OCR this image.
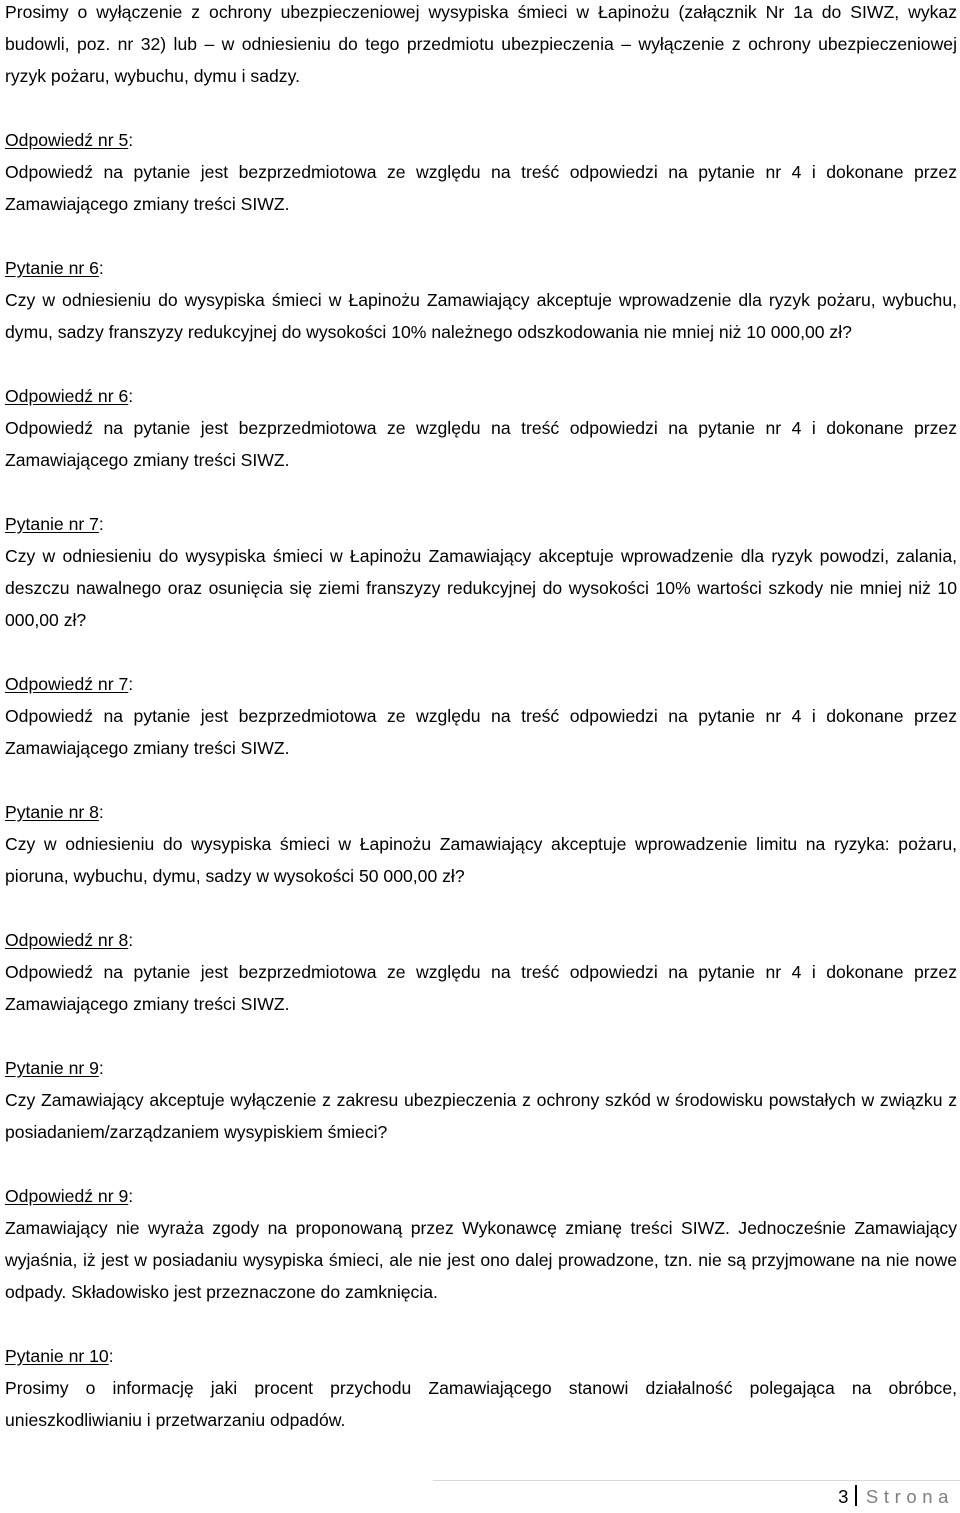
Prosimy o wyłączenie z ochrony ubezpieczeniowej wysypiska śmieci w Łapinożu (załącznik Nr 1a do SIWZ, wykaz budowli, poz. nr 32) lub – w odniesieniu do tego przedmiotu ubezpieczenia – wyłączenie z ochrony ubezpieczeniowej ryzyk pożaru, wybuchu, dymu i sadzy.

Odpowiedź nr 5:

Odpowiedź na pytanie jest bezprzedmiotowa ze względu na treść odpowiedzi na pytanie nr 4 i dokonane przez Zamawiającego zmiany treści SIWZ.

Pytanie nr 6:

Czy w odniesieniu do wysypiska śmieci w Łapinożu Zamawiający akceptuje wprowadzenie dla ryzyk pożaru, wybuchu, dymu, sadzy franszyzy redukcyjnej do wysokości 10% należnego odszkodowania nie mniej niż 10 000,00 zł?

Odpowiedź nr 6:

Odpowiedź na pytanie jest bezprzedmiotowa ze względu na treść odpowiedzi na pytanie nr 4 i dokonane przez Zamawiającego zmiany treści SIWZ.

Pytanie nr 7:

Czy w odniesieniu do wysypiska śmieci w Łapinożu Zamawiający akceptuje wprowadzenie dla ryzyk powodzi, zalania, deszczu nawalnego oraz osunięcia się ziemi franszyzy redukcyjnej do wysokości 10% wartości szkody nie mniej niż 10 000,00 zł?

Odpowiedź nr 7:

Odpowiedź na pytanie jest bezprzedmiotowa ze względu na treść odpowiedzi na pytanie nr 4 i dokonane przez Zamawiającego zmiany treści SIWZ.

Pytanie nr 8:

Czy w odniesieniu do wysypiska śmieci w Łapinożu Zamawiający akceptuje wprowadzenie limitu na ryzyka: pożaru, pioruna, wybuchu, dymu, sadzy w wysokości 50 000,00 zł?

Odpowiedź nr 8:

Odpowiedź na pytanie jest bezprzedmiotowa ze względu na treść odpowiedzi na pytanie nr 4 i dokonane przez Zamawiającego zmiany treści SIWZ.

Pytanie nr 9:

Czy Zamawiający akceptuje wyłączenie z zakresu ubezpieczenia z ochrony szkód w środowisku powstałych w związku z posiadaniem/zarządzaniem wysypiskiem śmieci?

Odpowiedź nr 9:

Zamawiający nie wyraża zgody na proponowaną przez Wykonawcę zmianę treści SIWZ. Jednocześnie Zamawiający wyjaśnia, iż jest w posiadaniu wysypiska śmieci, ale nie jest ono dalej prowadzone, tzn. nie są przyjmowane na nie nowe odpady. Składowisko jest przeznaczone do zamknięcia.

Pytanie nr 10:

Prosimy o informację jaki procent przychodu Zamawiającego stanowi działalność polegająca na obróbce, unieszkodliwianiu i przetwarzaniu odpadów.

3 Strona
